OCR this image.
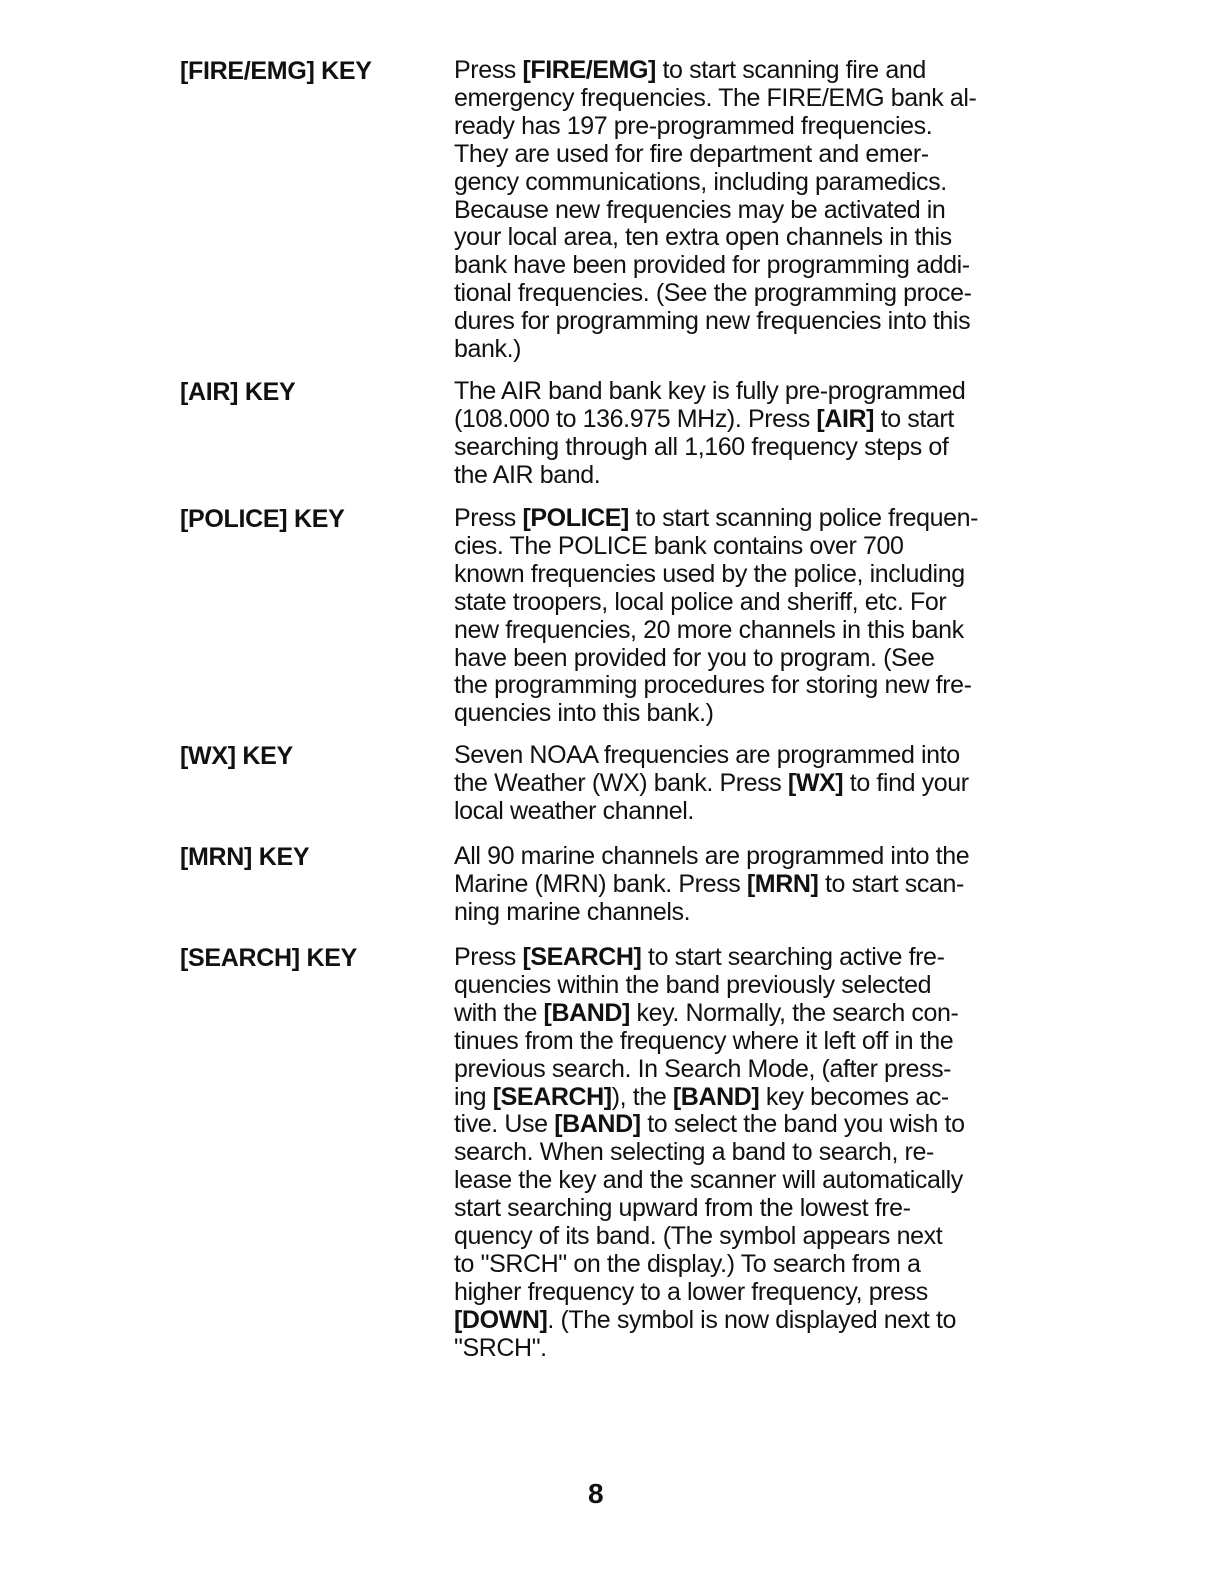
[FIRE/EMG] KEY	Press [FIRE/EMG] to start scanning fire and
emergency frequencies. The FIRE/EMG bank al-
ready has 197 pre-programmed frequencies.
They are used for fire department and emer-
gency communications, including paramedics.
Because new frequencies may be activated in
your local area, ten extra open channels in this
bank have been provided for programming addi-
tional frequencies. (See the programming proce-
dures for programming new frequencies into this
bank.)
[AIR] KEY	The AIR band bank key is fully pre-programmed
(108.000 to 136.975 MHz). Press [AIR] to start
searching through all 1,160 frequency steps of
the AIR band.
[POLICE] KEY	Press [POLICE] to start scanning police frequen-
cies. The POLICE bank contains over 700
known frequencies used by the police, including
state troopers, local police and sheriff, etc. For
new frequencies, 20 more channels in this bank
have been provided for you to program. (See
the programming procedures for storing new fre-
quencies into this bank.)
[WX] KEY	Seven NOAA frequencies are programmed into
the Weather (WX) bank. Press [WX] to find your
local weather channel.
[MRN] KEY	All 90 marine channels are programmed into the
Marine (MRN) bank. Press [MRN] to start scan-
ning marine channels.
[SEARCH] KEY	Press [SEARCH] to start searching active fre-
quencies within the band previously selected
with the [BAND] key. Normally, the search con-
tinues from the frequency where it left off in the
previous search. In Search Mode, (after press-
ing [SEARCH]), the [BAND] key becomes ac-
tive. Use [BAND] to select the band you wish to
search. When selecting a band to search, re-
lease the key and the scanner will automatically
start searching upward from the lowest fre-
quency of its band. (The symbol appears next
to "SRCH" on the display.) To search from a
higher frequency to a lower frequency, press
[DOWN]. (The symbol is now displayed next to
"SRCH".
8
